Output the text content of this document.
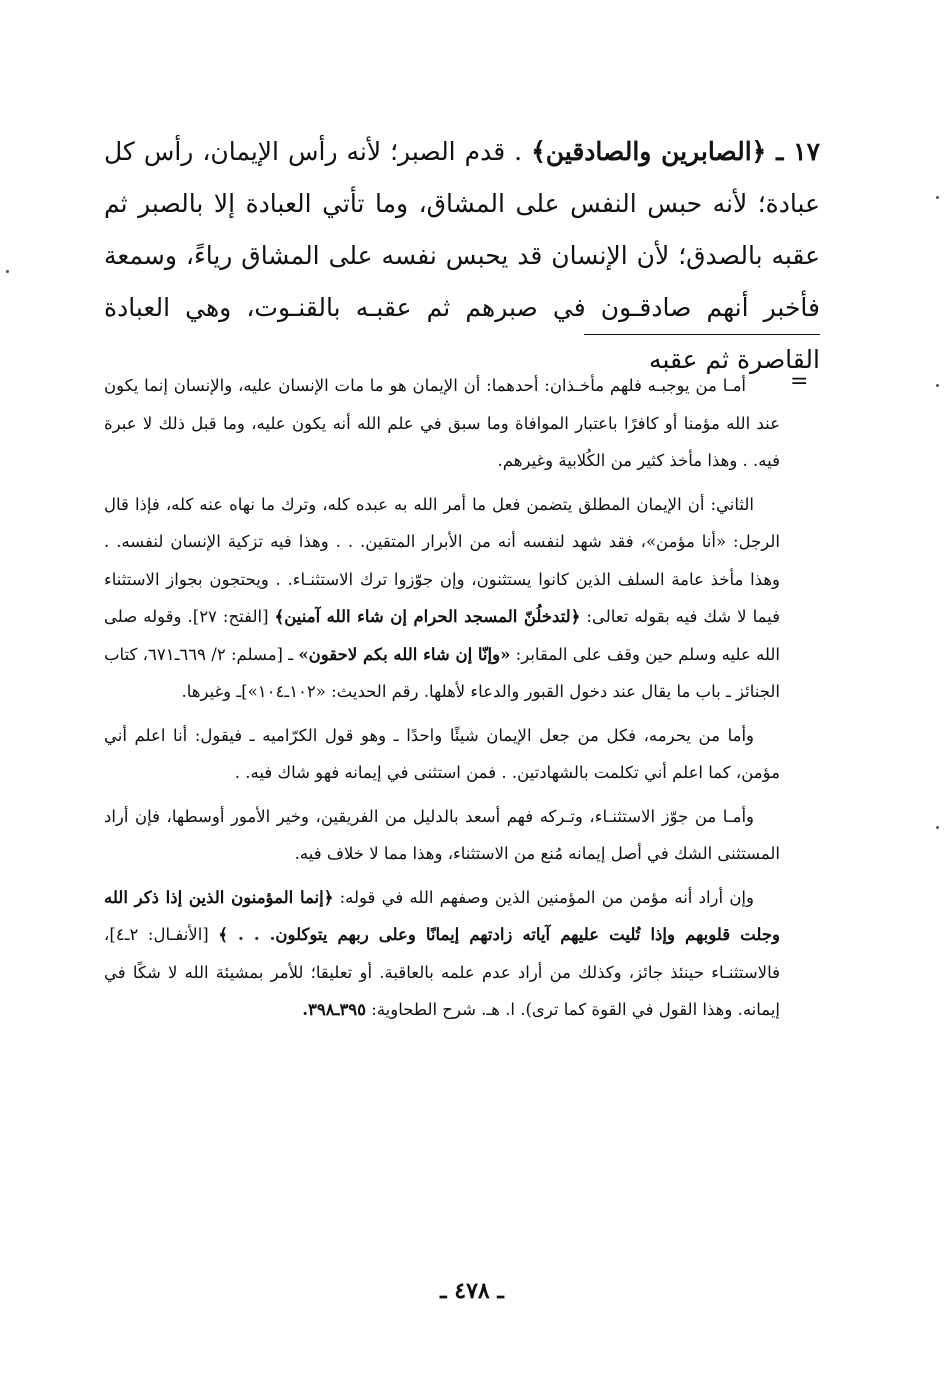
١٧ ـ ﴿الصابرين والصادقين﴾ . قدم الصبر؛ لأنه رأس الإيمان، رأس كل عبادة؛ لأنه حبس النفس على المشاق، وما تأتي العبادة إلا بالصبر ثم عقبه بالصدق؛ لأن الإنسان قد يحبس نفسه على المشاق رياءً، وسمعة فأخبر أنهم صادقـون في صبرهم ثم عقبـه بالقنـوت، وهي العبادة القاصرة ثم عقبه

=

أمـا من يوجبـه فلهم مأخـذان: أحدهما: أن الإيمان هو ما مات الإنسان عليه، والإنسان إنما يكون عند الله مؤمنا أو كافرًا باعتبار الموافاة وما سبق في علم الله أنه يكون عليه، وما قبل ذلك لا عبرة فيه. . وهذا مأخذ كثير من الكُلابية وغيرهم.

الثاني: أن الإيمان المطلق يتضمن فعل ما أمر الله به عبده كله، وترك ما نهاه عنه كله، فإذا قال الرجل: «أنا مؤمن»، فقد شهد لنفسه أنه من الأبرار المتقين. . . وهذا فيه تزكية الإنسان لنفسه. . وهذا مأخذ عامة السلف الذين كانوا يستثنون، وإن جوّزوا ترك الاستثنـاء. . ويحتجون بجواز الاستثناء فيما لا شك فيه بقوله تعالى: ﴿لتدخلُنّ المسجد الحرام إن شاء الله آمنين﴾ [الفتح: ٢٧]. وقوله صلى الله عليه وسلم حين وقف على المقابر: «وإنّا إن شاء الله بكم لاحقون» ـ [مسلم: ٢/ ٦٦٩ـ٦٧١، كتاب الجنائز ـ باب ما يقال عند دخول القبور والدعاء لأهلها. رقم الحديث: «١٠٢ـ١٠٤»]ـ وغيرها.

وأما من يحرمه، فكل من جعل الإيمان شيئًا واحدًا ـ وهو قول الكرّاميه ـ فيقول: أنا اعلم أني مؤمن، كما اعلم أني تكلمت بالشهادتين. . فمن استثنى في إيمانه فهو شاك فيه. .

وأمـا من جوّز الاستثنـاء، وتـركه فهم أسعد بالدليل من الفريقين، وخير الأمور أوسطها، فإن أراد المستثنى الشك في أصل إيمانه مُنع من الاستثناء، وهذا مما لا خلاف فيه.

وإن أراد أنه مؤمن من المؤمنين الذين وصفهم الله في قوله: ﴿إنما المؤمنون الذين إذا ذكر الله وجلت قلوبهم وإذا تُليت عليهم آياته زادتهم إيمانًا وعلى ربهم يتوكلون. . . ﴾ [الأنفـال: ٢ـ٤]، فالاستثنـاء حينئذ جائز، وكذلك من أراد عدم علمه بالعاقبة. أو تعليقا؛ للأمر بمشيئة الله لا شكًا في إيمانه. وهذا القول في القوة كما ترى). ا. هـ. شرح الطحاوية: ٣٩٥ـ٣٩٨.

ـ ٤٧٨ ـ
